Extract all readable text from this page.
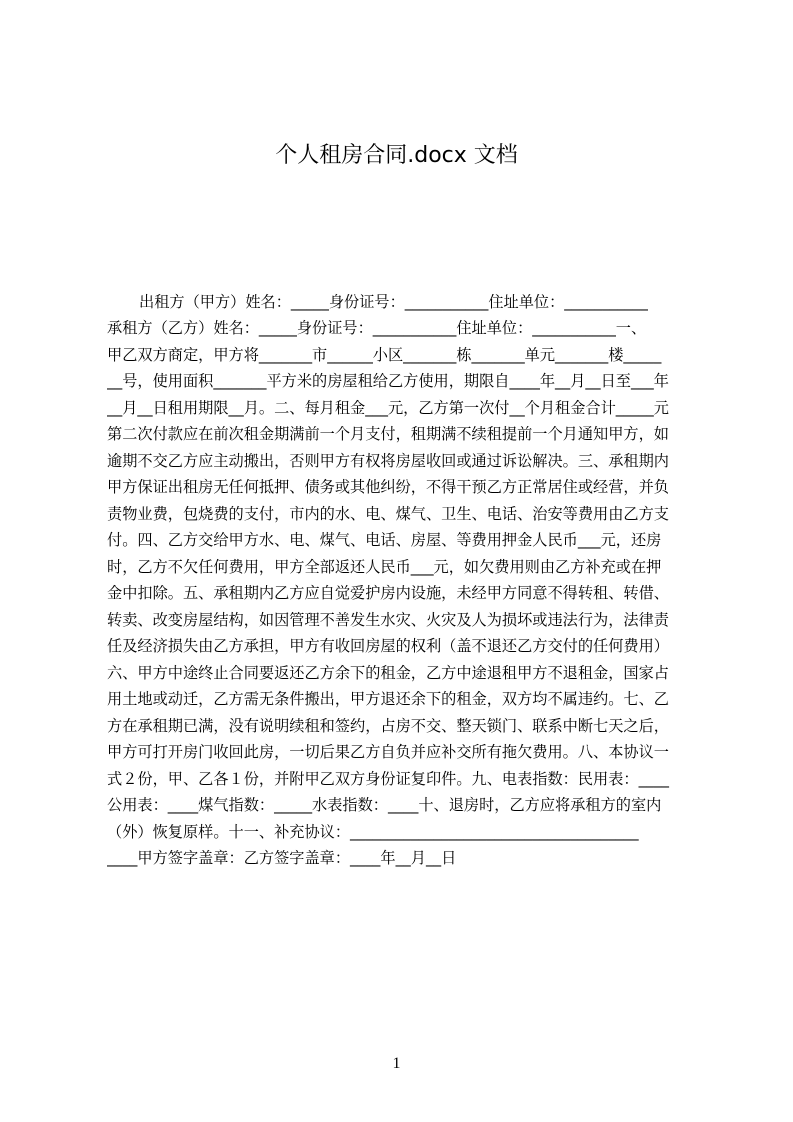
个人租房合同.docx 文档

出租方（甲方）姓名：_____身份证号：___________住址单位：___________

承租方（乙方）姓名：_____身份证号：___________住址单位：___________一、

甲乙双方商定，甲方将_______市______小区_______栋_______单元_______楼_____

__号，使用面积_______平方米的房屋租给乙方使用，期限自____年__月__日至___年

__月__日租用期限__月。二、每月租金___元，乙方第一次付__个月租金合计_____元

第二次付款应在前次租金期满前一个月支付，租期满不续租提前一个月通知甲方，如

逾期不交乙方应主动搬出，否则甲方有权将房屋收回或通过诉讼解决。三、承租期内

甲方保证出租房无任何抵押、债务或其他纠纷，不得干预乙方正常居住或经营，并负

责物业费，包烧费的支付，市内的水、电、煤气、卫生、电话、治安等费用由乙方支

付。四、乙方交给甲方水、电、煤气、电话、房屋、等费用押金人民币___元，还房

时，乙方不欠任何费用，甲方全部返还人民币___元，如欠费用则由乙方补充或在押

金中扣除。五、承租期内乙方应自觉爱护房内设施，未经甲方同意不得转租、转借、

转卖、改变房屋结构，如因管理不善发生水灾、火灾及人为损坏或违法行为，法律责

任及经济损失由乙方承担，甲方有收回房屋的权利（盖不退还乙方交付的任何费用）

六、甲方中途终止合同要返还乙方余下的租金，乙方中途退租甲方不退租金，国家占

用土地或动迁，乙方需无条件搬出，甲方退还余下的租金，双方均不属违约。七、乙

方在承租期已满，没有说明续租和签约，占房不交、整天锁门、联系中断七天之后，

甲方可打开房门收回此房，一切后果乙方自负并应补交所有拖欠费用。八、本协议一

式２份，甲、乙各１份，并附甲乙双方身份证复印件。九、电表指数：民用表：____

公用表：____煤气指数：_____水表指数：____十、退房时，乙方应将承租方的室内

（外）恢复原样。十一、补充协议：______________________________________

____甲方签字盖章：乙方签字盖章：____年__月__日

1
